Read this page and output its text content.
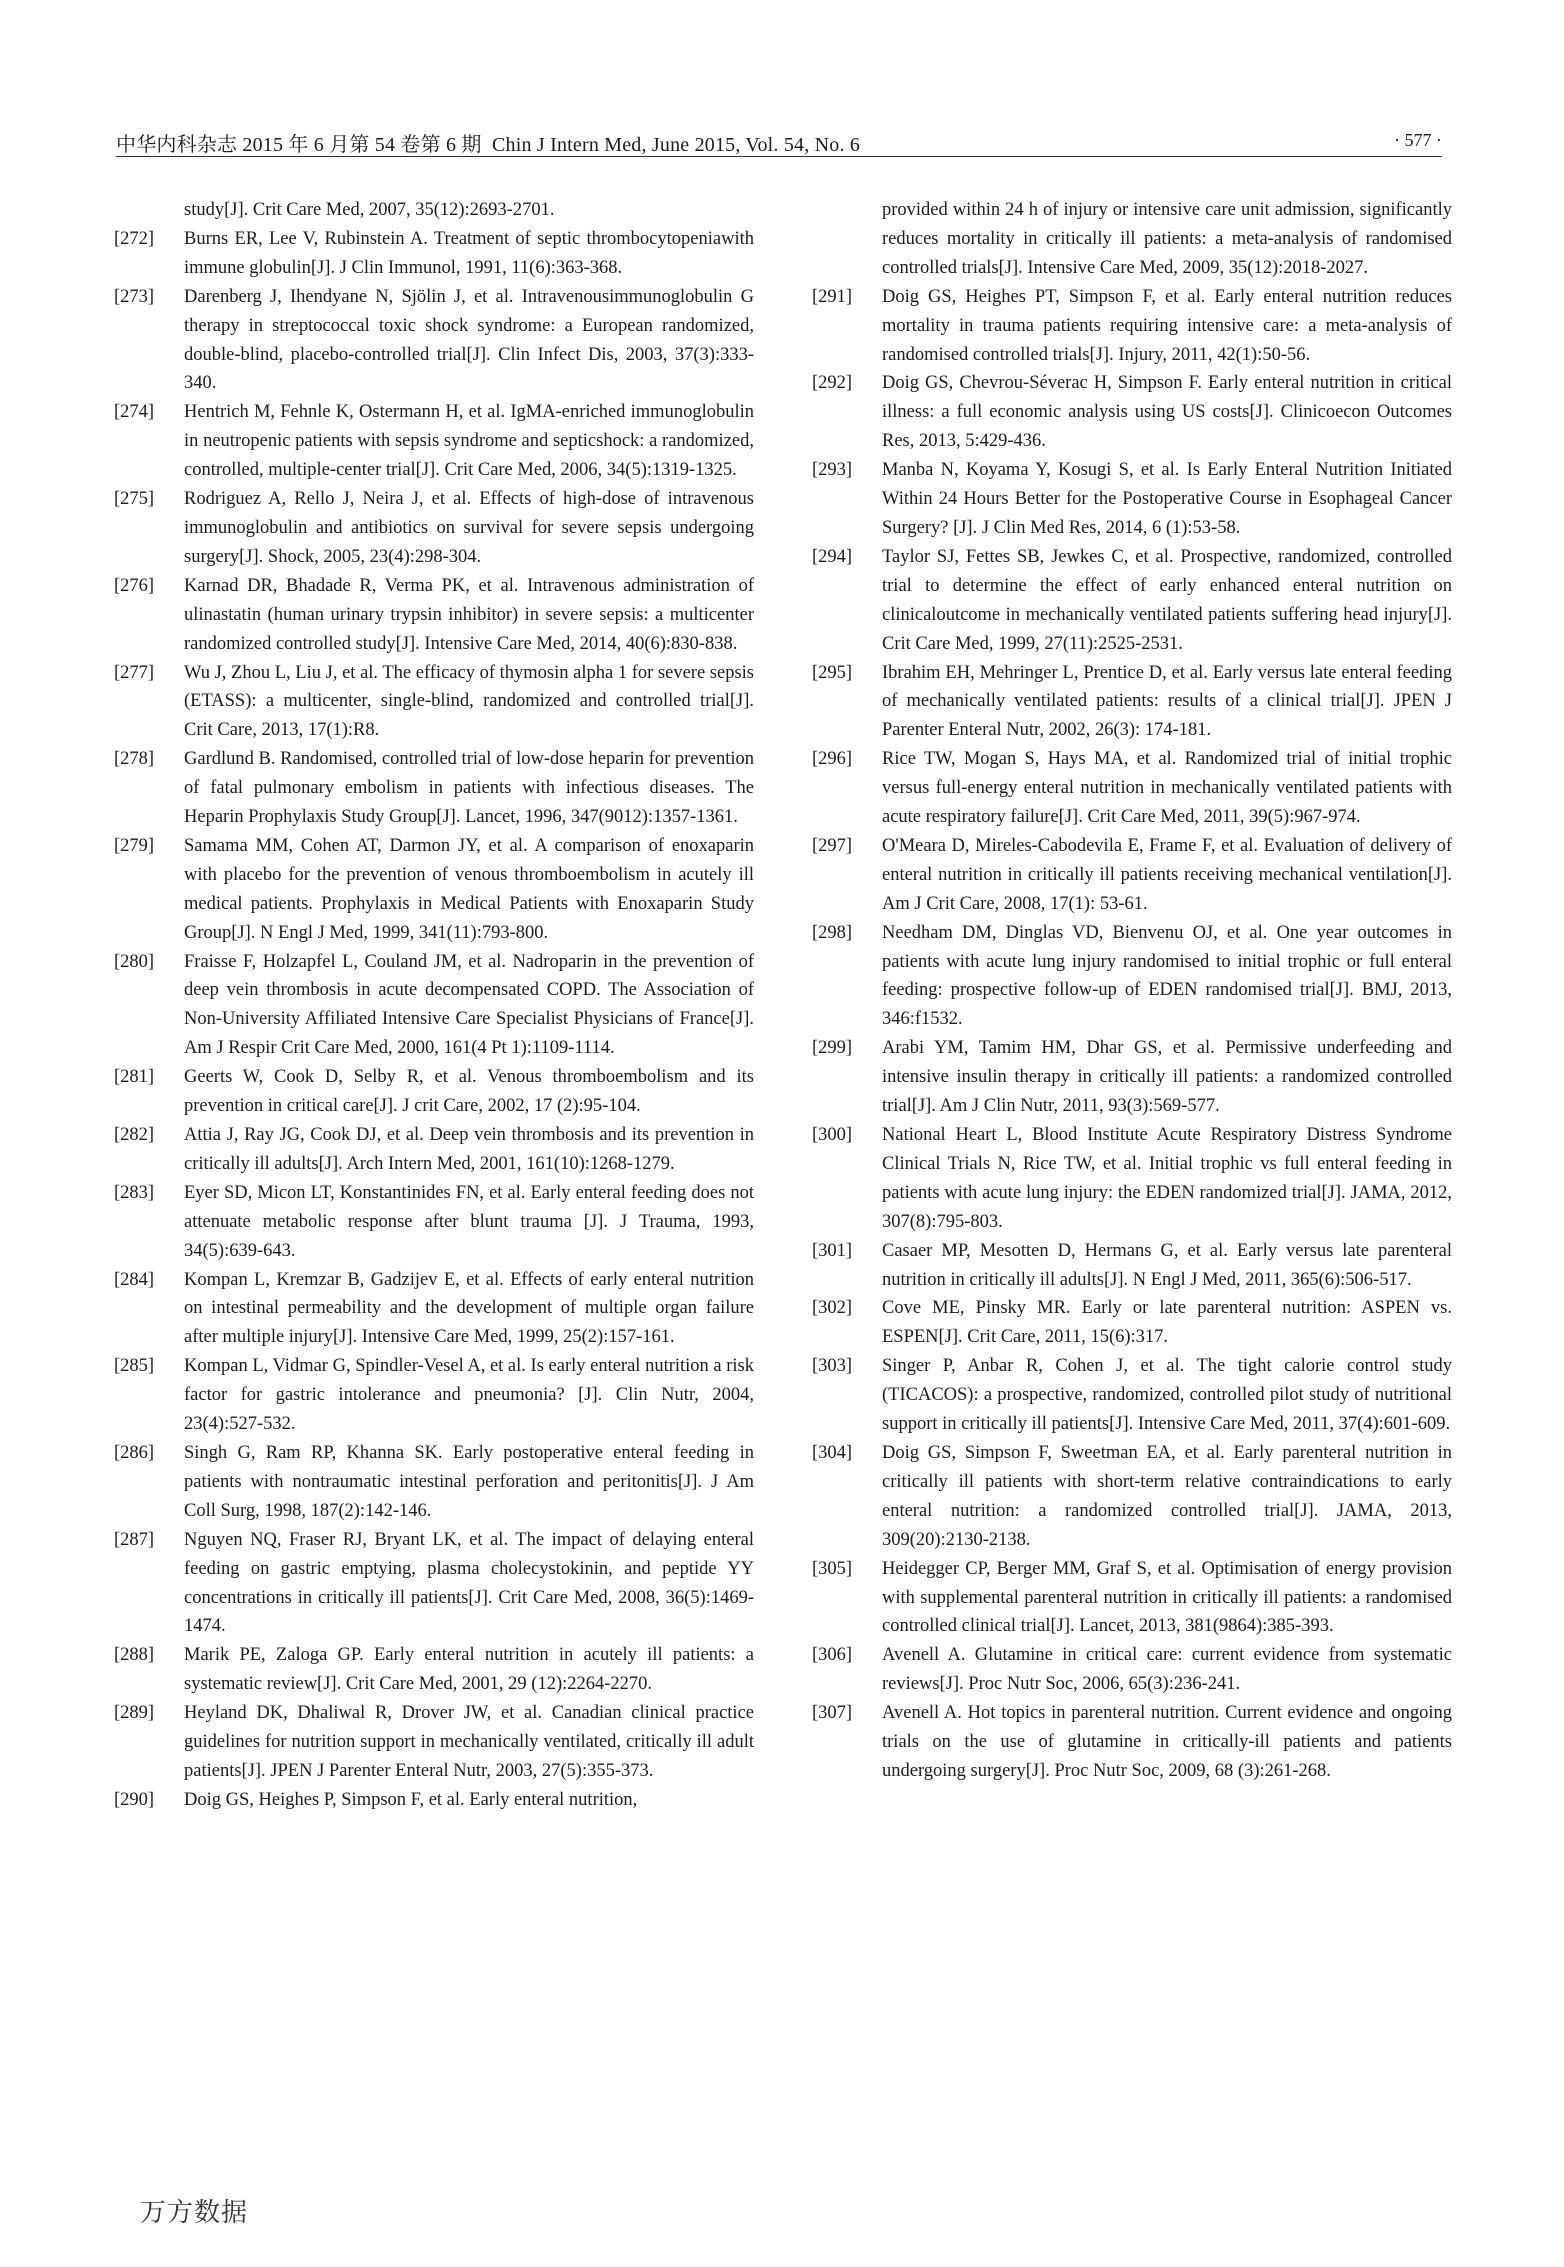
中华内科杂志 2015 年 6 月第 54 卷第 6 期 Chin J Intern Med, June 2015, Vol. 54, No. 6	· 577 ·

study[J]. Crit Care Med, 2007, 35(12):2693-2701.

[272]	Burns ER, Lee V, Rubinstein A. Treatment of septic thrombocytopeniawith immune globulin[J]. J Clin Immunol, 1991, 11(6):363-368.

[273]	Darenberg J, Ihendyane N, Sjölin J, et al. Intravenousimmunoglobulin G therapy in streptococcal toxic shock syndrome: a European randomized, double-blind, placebo-controlled trial[J]. Clin Infect Dis, 2003, 37(3):333-340.

[274]	Hentrich M, Fehnle K, Ostermann H, et al. IgMA-enriched immunoglobulin in neutropenic patients with sepsis syndrome and septicshock: a randomized, controlled, multiple-center trial[J]. Crit Care Med, 2006, 34(5):1319-1325.

[275]	Rodriguez A, Rello J, Neira J, et al. Effects of high-dose of intravenous immunoglobulin and antibiotics on survival for severe sepsis undergoing surgery[J]. Shock, 2005, 23(4):298-304.

[276]	Karnad DR, Bhadade R, Verma PK, et al. Intravenous administration of ulinastatin (human urinary trypsin inhibitor) in severe sepsis: a multicenter randomized controlled study[J]. Intensive Care Med, 2014, 40(6):830-838.

[277]	Wu J, Zhou L, Liu J, et al. The efficacy of thymosin alpha 1 for severe sepsis (ETASS): a multicenter, single-blind, randomized and controlled trial[J]. Crit Care, 2013, 17(1):R8.

[278]	Gardlund B. Randomised, controlled trial of low-dose heparin for prevention of fatal pulmonary embolism in patients with infectious diseases. The Heparin Prophylaxis Study Group[J]. Lancet, 1996, 347(9012):1357-1361.

[279]	Samama MM, Cohen AT, Darmon JY, et al. A comparison of enoxaparin with placebo for the prevention of venous thromboembolism in acutely ill medical patients. Prophylaxis in Medical Patients with Enoxaparin Study Group[J]. N Engl J Med, 1999, 341(11):793-800.

[280]	Fraisse F, Holzapfel L, Couland JM, et al. Nadroparin in the prevention of deep vein thrombosis in acute decompensated COPD. The Association of Non-University Affiliated Intensive Care Specialist Physicians of France[J]. Am J Respir Crit Care Med, 2000, 161(4 Pt 1):1109-1114.

[281]	Geerts W, Cook D, Selby R, et al. Venous thromboembolism and its prevention in critical care[J]. J crit Care, 2002, 17 (2):95-104.

[282]	Attia J, Ray JG, Cook DJ, et al. Deep vein thrombosis and its prevention in critically ill adults[J]. Arch Intern Med, 2001, 161(10):1268-1279.

[283]	Eyer SD, Micon LT, Konstantinides FN, et al. Early enteral feeding does not attenuate metabolic response after blunt trauma [J]. J Trauma, 1993, 34(5):639-643.

[284]	Kompan L, Kremzar B, Gadzijev E, et al. Effects of early enteral nutrition on intestinal permeability and the development of multiple organ failure after multiple injury[J]. Intensive Care Med, 1999, 25(2):157-161.

[285]	Kompan L, Vidmar G, Spindler-Vesel A, et al. Is early enteral nutrition a risk factor for gastric intolerance and pneumonia? [J]. Clin Nutr, 2004, 23(4):527-532.

[286]	Singh G, Ram RP, Khanna SK. Early postoperative enteral feeding in patients with nontraumatic intestinal perforation and peritonitis[J]. J Am Coll Surg, 1998, 187(2):142-146.

[287]	Nguyen NQ, Fraser RJ, Bryant LK, et al. The impact of delaying enteral feeding on gastric emptying, plasma cholecystokinin, and peptide YY concentrations in critically ill patients[J]. Crit Care Med, 2008, 36(5):1469-1474.

[288]	Marik PE, Zaloga GP. Early enteral nutrition in acutely ill patients: a systematic review[J]. Crit Care Med, 2001, 29 (12):2264-2270.

[289]	Heyland DK, Dhaliwal R, Drover JW, et al. Canadian clinical practice guidelines for nutrition support in mechanically ventilated, critically ill adult patients[J]. JPEN J Parenter Enteral Nutr, 2003, 27(5):355-373.

[290]	Doig GS, Heighes P, Simpson F, et al. Early enteral nutrition,

provided within 24 h of injury or intensive care unit admission, significantly reduces mortality in critically ill patients: a meta-analysis of randomised controlled trials[J]. Intensive Care Med, 2009, 35(12):2018-2027.

[291]	Doig GS, Heighes PT, Simpson F, et al. Early enteral nutrition reduces mortality in trauma patients requiring intensive care: a meta-analysis of randomised controlled trials[J]. Injury, 2011, 42(1):50-56.

[292]	Doig GS, Chevrou-Séverac H, Simpson F. Early enteral nutrition in critical illness: a full economic analysis using US costs[J]. Clinicoecon Outcomes Res, 2013, 5:429-436.

[293]	Manba N, Koyama Y, Kosugi S, et al. Is Early Enteral Nutrition Initiated Within 24 Hours Better for the Postoperative Course in Esophageal Cancer Surgery? [J]. J Clin Med Res, 2014, 6 (1):53-58.

[294]	Taylor SJ, Fettes SB, Jewkes C, et al. Prospective, randomized, controlled trial to determine the effect of early enhanced enteral nutrition on clinicaloutcome in mechanically ventilated patients suffering head injury[J]. Crit Care Med, 1999, 27(11):2525-2531.

[295]	Ibrahim EH, Mehringer L, Prentice D, et al. Early versus late enteral feeding of mechanically ventilated patients: results of a clinical trial[J]. JPEN J Parenter Enteral Nutr, 2002, 26(3): 174-181.

[296]	Rice TW, Mogan S, Hays MA, et al. Randomized trial of initial trophic versus full-energy enteral nutrition in mechanically ventilated patients with acute respiratory failure[J]. Crit Care Med, 2011, 39(5):967-974.

[297]	O'Meara D, Mireles-Cabodevila E, Frame F, et al. Evaluation of delivery of enteral nutrition in critically ill patients receiving mechanical ventilation[J]. Am J Crit Care, 2008, 17(1): 53-61.

[298]	Needham DM, Dinglas VD, Bienvenu OJ, et al. One year outcomes in patients with acute lung injury randomised to initial trophic or full enteral feeding: prospective follow-up of EDEN randomised trial[J]. BMJ, 2013, 346:f1532.

[299]	Arabi YM, Tamim HM, Dhar GS, et al. Permissive underfeeding and intensive insulin therapy in critically ill patients: a randomized controlled trial[J]. Am J Clin Nutr, 2011, 93(3):569-577.

[300]	National Heart L, Blood Institute Acute Respiratory Distress Syndrome Clinical Trials N, Rice TW, et al. Initial trophic vs full enteral feeding in patients with acute lung injury: the EDEN randomized trial[J]. JAMA, 2012, 307(8):795-803.

[301]	Casaer MP, Mesotten D, Hermans G, et al. Early versus late parenteral nutrition in critically ill adults[J]. N Engl J Med, 2011, 365(6):506-517.

[302]	Cove ME, Pinsky MR. Early or late parenteral nutrition: ASPEN vs. ESPEN[J]. Crit Care, 2011, 15(6):317.

[303]	Singer P, Anbar R, Cohen J, et al. The tight calorie control study (TICACOS): a prospective, randomized, controlled pilot study of nutritional support in critically ill patients[J]. Intensive Care Med, 2011, 37(4):601-609.

[304]	Doig GS, Simpson F, Sweetman EA, et al. Early parenteral nutrition in critically ill patients with short-term relative contraindications to early enteral nutrition: a randomized controlled trial[J]. JAMA, 2013, 309(20):2130-2138.

[305]	Heidegger CP, Berger MM, Graf S, et al. Optimisation of energy provision with supplemental parenteral nutrition in critically ill patients: a randomised controlled clinical trial[J]. Lancet, 2013, 381(9864):385-393.

[306]	Avenell A. Glutamine in critical care: current evidence from systematic reviews[J]. Proc Nutr Soc, 2006, 65(3):236-241.

[307]	Avenell A. Hot topics in parenteral nutrition. Current evidence and ongoing trials on the use of glutamine in critically-ill patients and patients undergoing surgery[J]. Proc Nutr Soc, 2009, 68 (3):261-268.

万方数据
